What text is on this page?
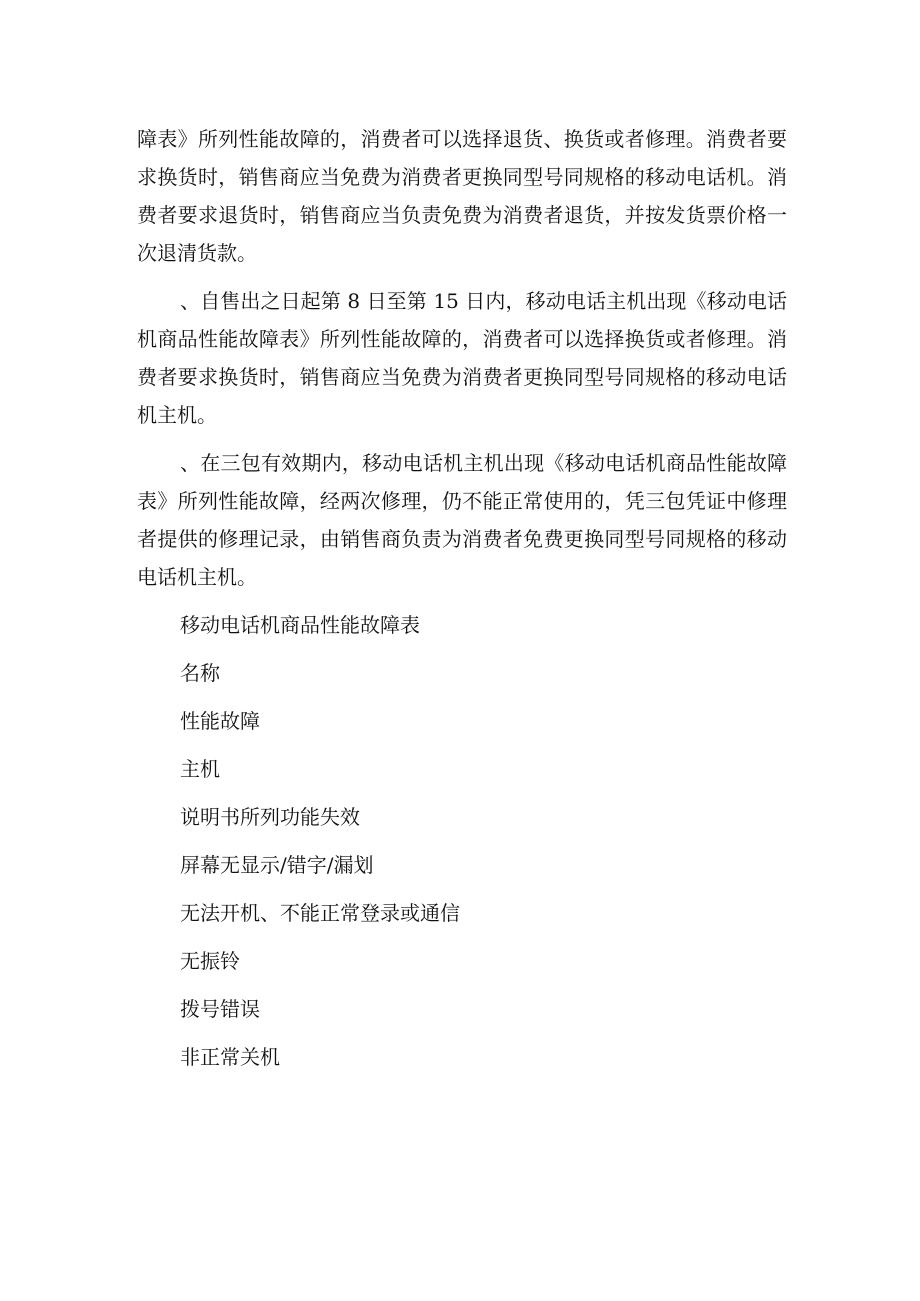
障表》所列性能故障的，消费者可以选择退货、换货或者修理。消费者要求换货时，销售商应当免费为消费者更换同型号同规格的移动电话机。消费者要求退货时，销售商应当负责免费为消费者退货，并按发货票价格一次退清货款。

、自售出之日起第 8 日至第 15 日内，移动电话主机出现《移动电话机商品性能故障表》所列性能故障的，消费者可以选择换货或者修理。消费者要求换货时，销售商应当免费为消费者更换同型号同规格的移动电话机主机。

、在三包有效期内，移动电话机主机出现《移动电话机商品性能故障表》所列性能故障，经两次修理，仍不能正常使用的，凭三包凭证中修理者提供的修理记录，由销售商负责为消费者免费更换同型号同规格的移动电话机主机。

移动电话机商品性能故障表
名称
性能故障
主机
说明书所列功能失效
屏幕无显示/错字/漏划
无法开机、不能正常登录或通信
无振铃
拨号错误
非正常关机
